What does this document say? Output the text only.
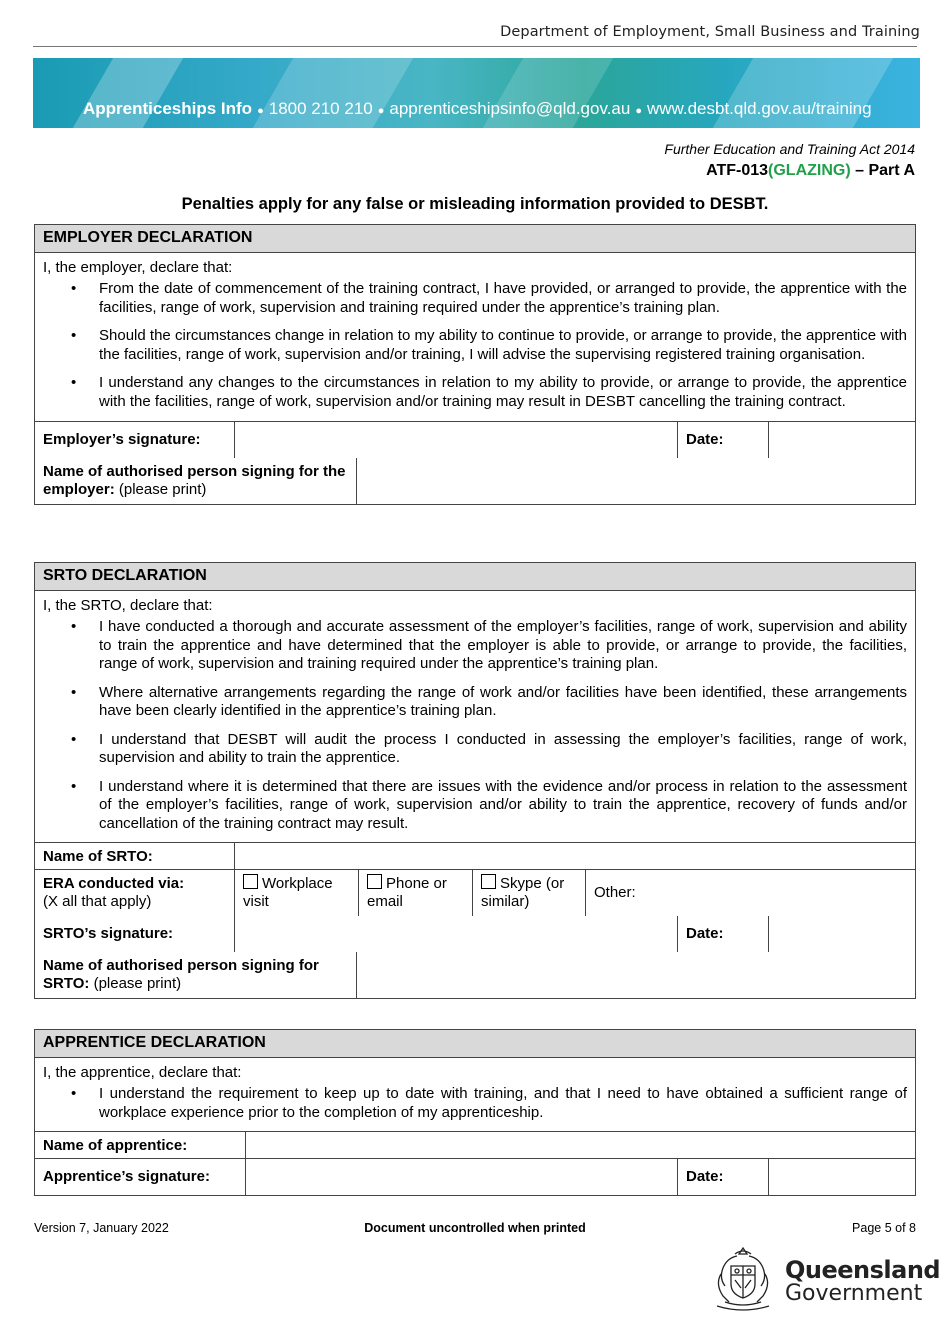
Department of Employment, Small Business and Training
Apprenticeships Info ● 1800 210 210 ● apprenticeshipsinfo@qld.gov.au ● www.desbt.qld.gov.au/training
Further Education and Training Act 2014
ATF-013(GLAZING) – Part A
Penalties apply for any false or misleading information provided to DESBT.
EMPLOYER DECLARATION
I, the employer, declare that:
• From the date of commencement of the training contract, I have provided, or arranged to provide, the apprentice with the facilities, range of work, supervision and training required under the apprentice’s training plan.
• Should the circumstances change in relation to my ability to continue to provide, or arrange to provide, the apprentice with the facilities, range of work, supervision and/or training, I will advise the supervising registered training organisation.
• I understand any changes to the circumstances in relation to my ability to provide, or arrange to provide, the apprentice with the facilities, range of work, supervision and/or training may result in DESBT cancelling the training contract.
Employer’s signature:		Date:	
Name of authorised person signing for the employer: (please print)	
SRTO DECLARATION
I, the SRTO, declare that:
• I have conducted a thorough and accurate assessment of the employer’s facilities, range of work, supervision and ability to train the apprentice and have determined that the employer is able to provide, or arrange to provide, the facilities, range of work, supervision and training required under the apprentice’s training plan.
• Where alternative arrangements regarding the range of work and/or facilities have been identified, these arrangements have been clearly identified in the apprentice’s training plan.
• I understand that DESBT will audit the process I conducted in assessing the employer’s facilities, range of work, supervision and ability to train the apprentice.
• I understand where it is determined that there are issues with the evidence and/or process in relation to the assessment of the employer’s facilities, range of work, supervision and/or ability to train the apprentice, recovery of funds and/or cancellation of the training contract may result.
Name of SRTO:				
ERA conducted via:
(X all that apply)	Workplace visit	Phone or email	Skype (or similar)	Other:
SRTO’s signature:		Date:	
Name of authorised person signing for SRTO: (please print)	
APPRENTICE DECLARATION
I, the apprentice, declare that:
• I understand the requirement to keep up to date with training, and that I need to have obtained a sufficient range of workplace experience prior to the completion of my apprenticeship.
Name of apprentice:			
Apprentice’s signature:		Date:	
Version 7, January 2022	Document uncontrolled when printed	Page 5 of 8
Queensland
Government
